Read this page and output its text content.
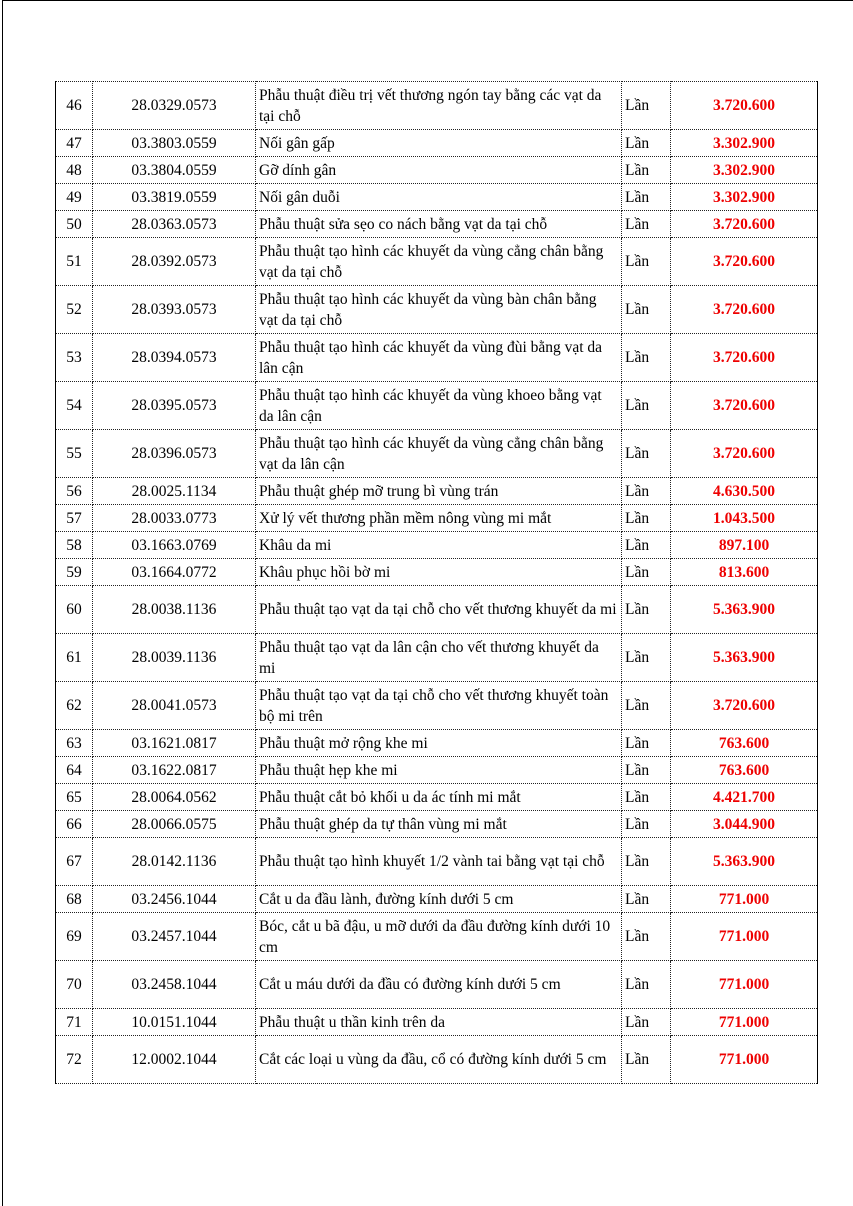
46	28.0329.0573	Phẫu thuật điều trị vết thương ngón tay bằng các vạt da tại chỗ	Lần	3.720.600
47	03.3803.0559	Nối gân gấp	Lần	3.302.900
48	03.3804.0559	Gỡ dính gân	Lần	3.302.900
49	03.3819.0559	Nối gân duỗi	Lần	3.302.900
50	28.0363.0573	Phẫu thuật sửa sẹo co nách bằng vạt da tại chỗ	Lần	3.720.600
51	28.0392.0573	Phẫu thuật tạo hình các khuyết da vùng cẳng chân bằng vạt da tại chỗ	Lần	3.720.600
52	28.0393.0573	Phẫu thuật tạo hình các khuyết da vùng bàn chân bằng vạt da tại chỗ	Lần	3.720.600
53	28.0394.0573	Phẫu thuật tạo hình các khuyết da vùng đùi bằng vạt da lân cận	Lần	3.720.600
54	28.0395.0573	Phẫu thuật tạo hình các khuyết da vùng khoeo bằng vạt da lân cận	Lần	3.720.600
55	28.0396.0573	Phẫu thuật tạo hình các khuyết da vùng cẳng chân bằng vạt da lân cận	Lần	3.720.600
56	28.0025.1134	Phẫu thuật ghép mỡ trung bì vùng trán	Lần	4.630.500
57	28.0033.0773	Xử lý vết thương phần mềm nông vùng mi mắt	Lần	1.043.500
58	03.1663.0769	Khâu da mi	Lần	897.100
59	03.1664.0772	Khâu phục hồi bờ mi	Lần	813.600
60	28.0038.1136	Phẫu thuật tạo vạt da tại chỗ cho vết thương khuyết da mi	Lần	5.363.900
61	28.0039.1136	Phẫu thuật tạo vạt da lân cận cho vết thương khuyết da mi	Lần	5.363.900
62	28.0041.0573	Phẫu thuật tạo vạt da tại chỗ cho vết thương khuyết toàn bộ mi trên	Lần	3.720.600
63	03.1621.0817	Phẫu thuật mở rộng khe mi	Lần	763.600
64	03.1622.0817	Phẫu thuật hẹp khe mi	Lần	763.600
65	28.0064.0562	Phẫu thuật cắt bỏ khối u da ác tính mi mắt	Lần	4.421.700
66	28.0066.0575	Phẫu thuật ghép da tự thân vùng mi mắt	Lần	3.044.900
67	28.0142.1136	Phẫu thuật tạo hình khuyết 1/2 vành tai bằng vạt tại chỗ	Lần	5.363.900
68	03.2456.1044	Cắt u da đầu lành, đường kính dưới 5 cm	Lần	771.000
69	03.2457.1044	Bóc, cắt u bã đậu, u mỡ dưới da đầu đường kính dưới 10 cm	Lần	771.000
70	03.2458.1044	Cắt u máu dưới da đầu có đường kính dưới 5 cm	Lần	771.000
71	10.0151.1044	Phẫu thuật u thần kinh trên da	Lần	771.000
72	12.0002.1044	Cắt các loại u vùng da đầu, cổ có đường kính dưới 5 cm	Lần	771.000
